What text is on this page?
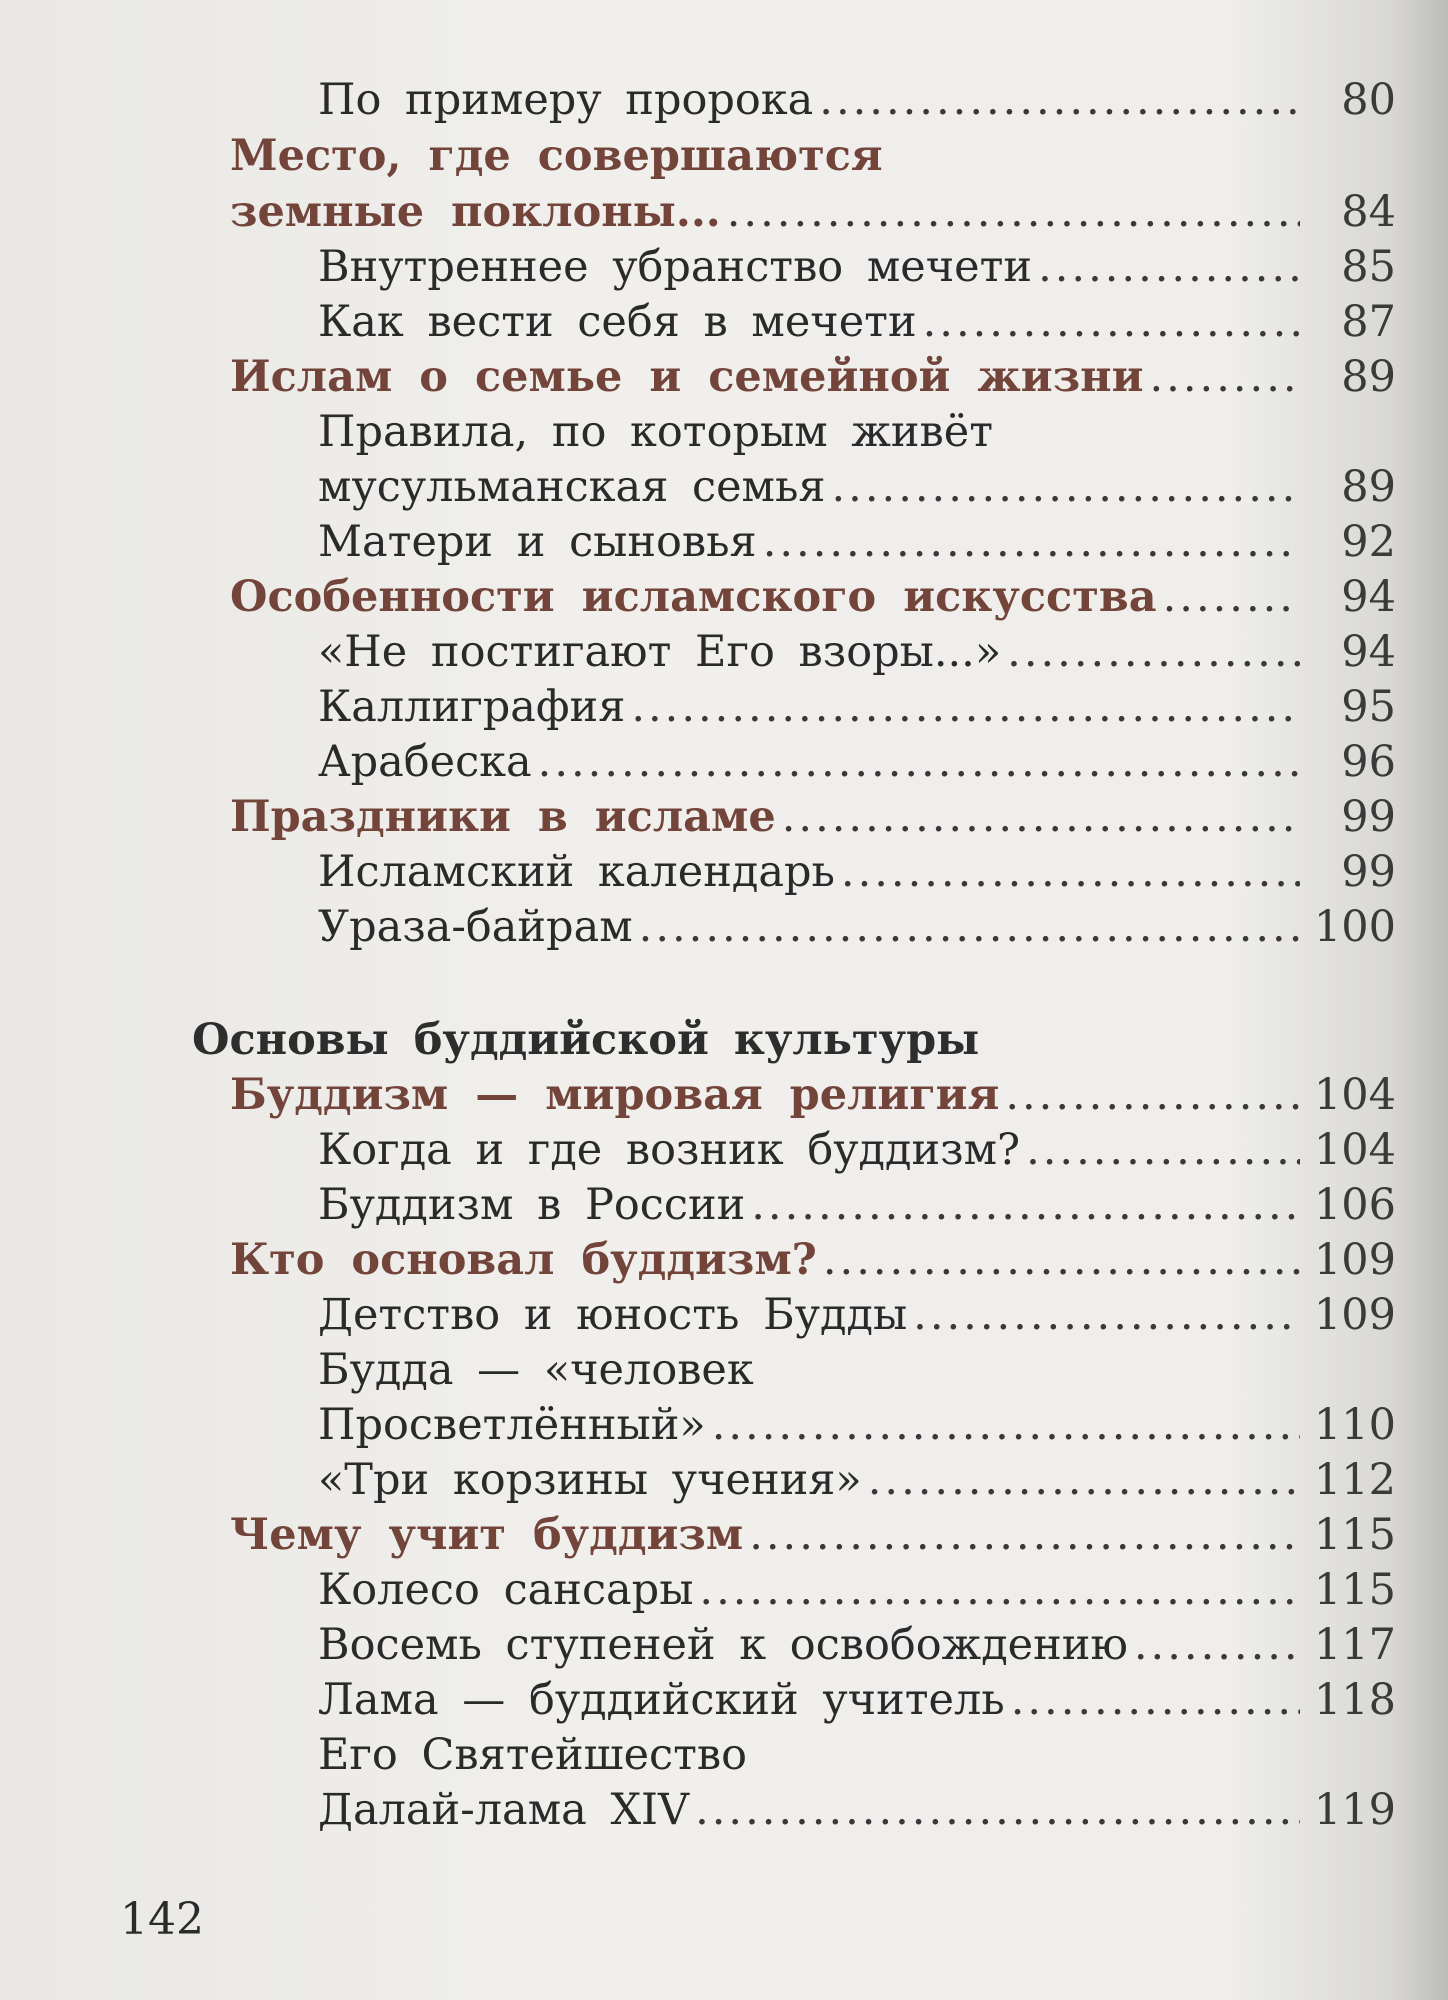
По примеру пророка .....	80
Место, где совершаются
земные поклоны... .....	84
Внутреннее убранство мечети .....	85
Как вести себя в мечети .....	87
Ислам о семье и семейной жизни .....	89
Правила, по которым живёт
мусульманская семья .....	89
Матери и сыновья .....	92
Особенности исламского искусства .....	94
«Не постигают Его взоры...» .....	94
Каллиграфия .....	95
Арабеска .....	96
Праздники в исламе .....	99
Исламский календарь .....	99
Ураза-байрам .....	100
Основы буддийской культуры
Буддизм — мировая религия .....	104
Когда и где возник буддизм? .....	104
Буддизм в России .....	106
Кто основал буддизм? .....	109
Детство и юность Будды .....	109
Будда — «человек
Просветлённый» .....	110
«Три корзины учения» .....	112
Чему учит буддизм .....	115
Колесо сансары .....	115
Восемь ступеней к освобождению .....	117
Лама — буддийский учитель .....	118
Его Святейшество
Далай-лама XIV .....	119
142
